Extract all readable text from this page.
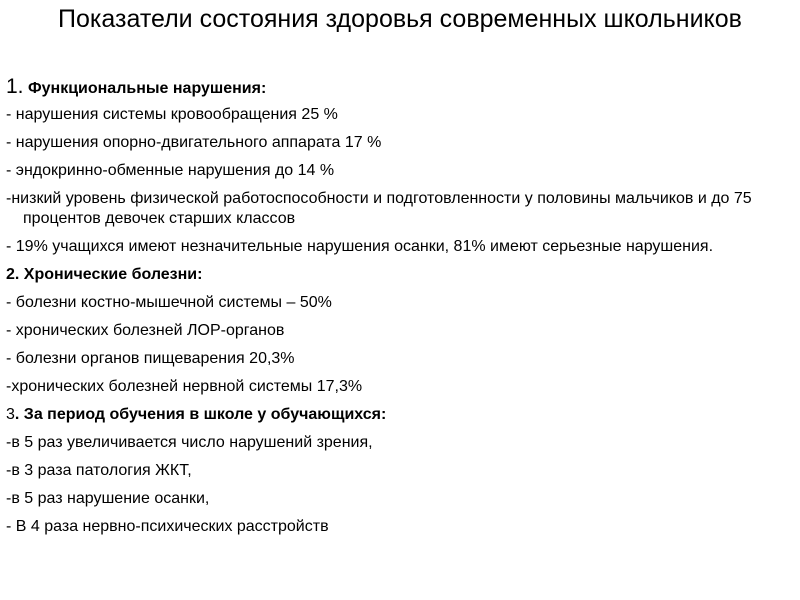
Показатели состояния здоровья современных школьников

1. Функциональные нарушения:

- нарушения системы кровообращения 25 %

- нарушения опорно-двигательного аппарата 17 %

- эндокринно-обменные нарушения до 14 %

-низкий уровень физической работоспособности и подготовленности у половины мальчиков и до 75 процентов девочек старших классов

- 19% учащихся имеют незначительные нарушения осанки, 81% имеют серьезные нарушения.

2. Хронические болезни:

- болезни костно-мышечной системы – 50%

- хронических болезней ЛОР-органов

- болезни органов пищеварения 20,3%

-хронических болезней нервной системы 17,3%

3. За период обучения в школе у обучающихся:

-в 5 раз увеличивается число нарушений зрения,

-в 3 раза патология ЖКТ,

-в 5 раз нарушение осанки,

- В 4 раза нервно-психических расстройств
